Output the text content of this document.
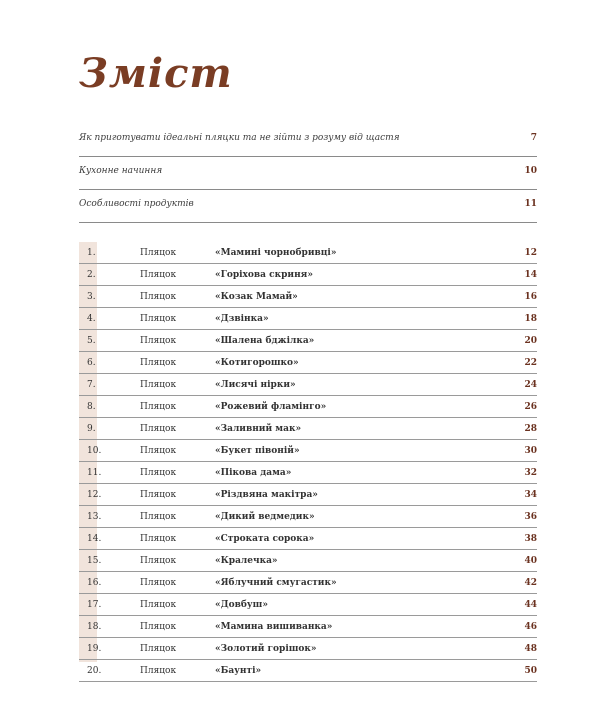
Зміст
Як приготувати ідеальні пляцки та не зійти з розуму від щастя	7
Кухонне начиння	10
Особливості продуктів	11
1.	Пляцок	«Мамині чорнобривці»	12
2.	Пляцок	«Горіхова скриня»	14
3.	Пляцок	«Козак Мамай»	16
4.	Пляцок	«Дзвінка»	18
5.	Пляцок	«Шалена бджілка»	20
6.	Пляцок	«Котигорошко»	22
7.	Пляцок	«Лисячі нірки»	24
8.	Пляцок	«Рожевий фламінго»	26
9.	Пляцок	«Заливний мак»	28
10.	Пляцок	«Букет півоній»	30
11.	Пляцок	«Пікова дама»	32
12.	Пляцок	«Різдвяна макітра»	34
13.	Пляцок	«Дикий ведмедик»	36
14.	Пляцок	«Строката сорока»	38
15.	Пляцок	«Кралечка»	40
16.	Пляцок	«Яблучний смугастик»	42
17.	Пляцок	«Довбуш»	44
18.	Пляцок	«Мамина вишиванка»	46
19.	Пляцок	«Золотий горішок»	48
20.	Пляцок	«Баунті»	50
